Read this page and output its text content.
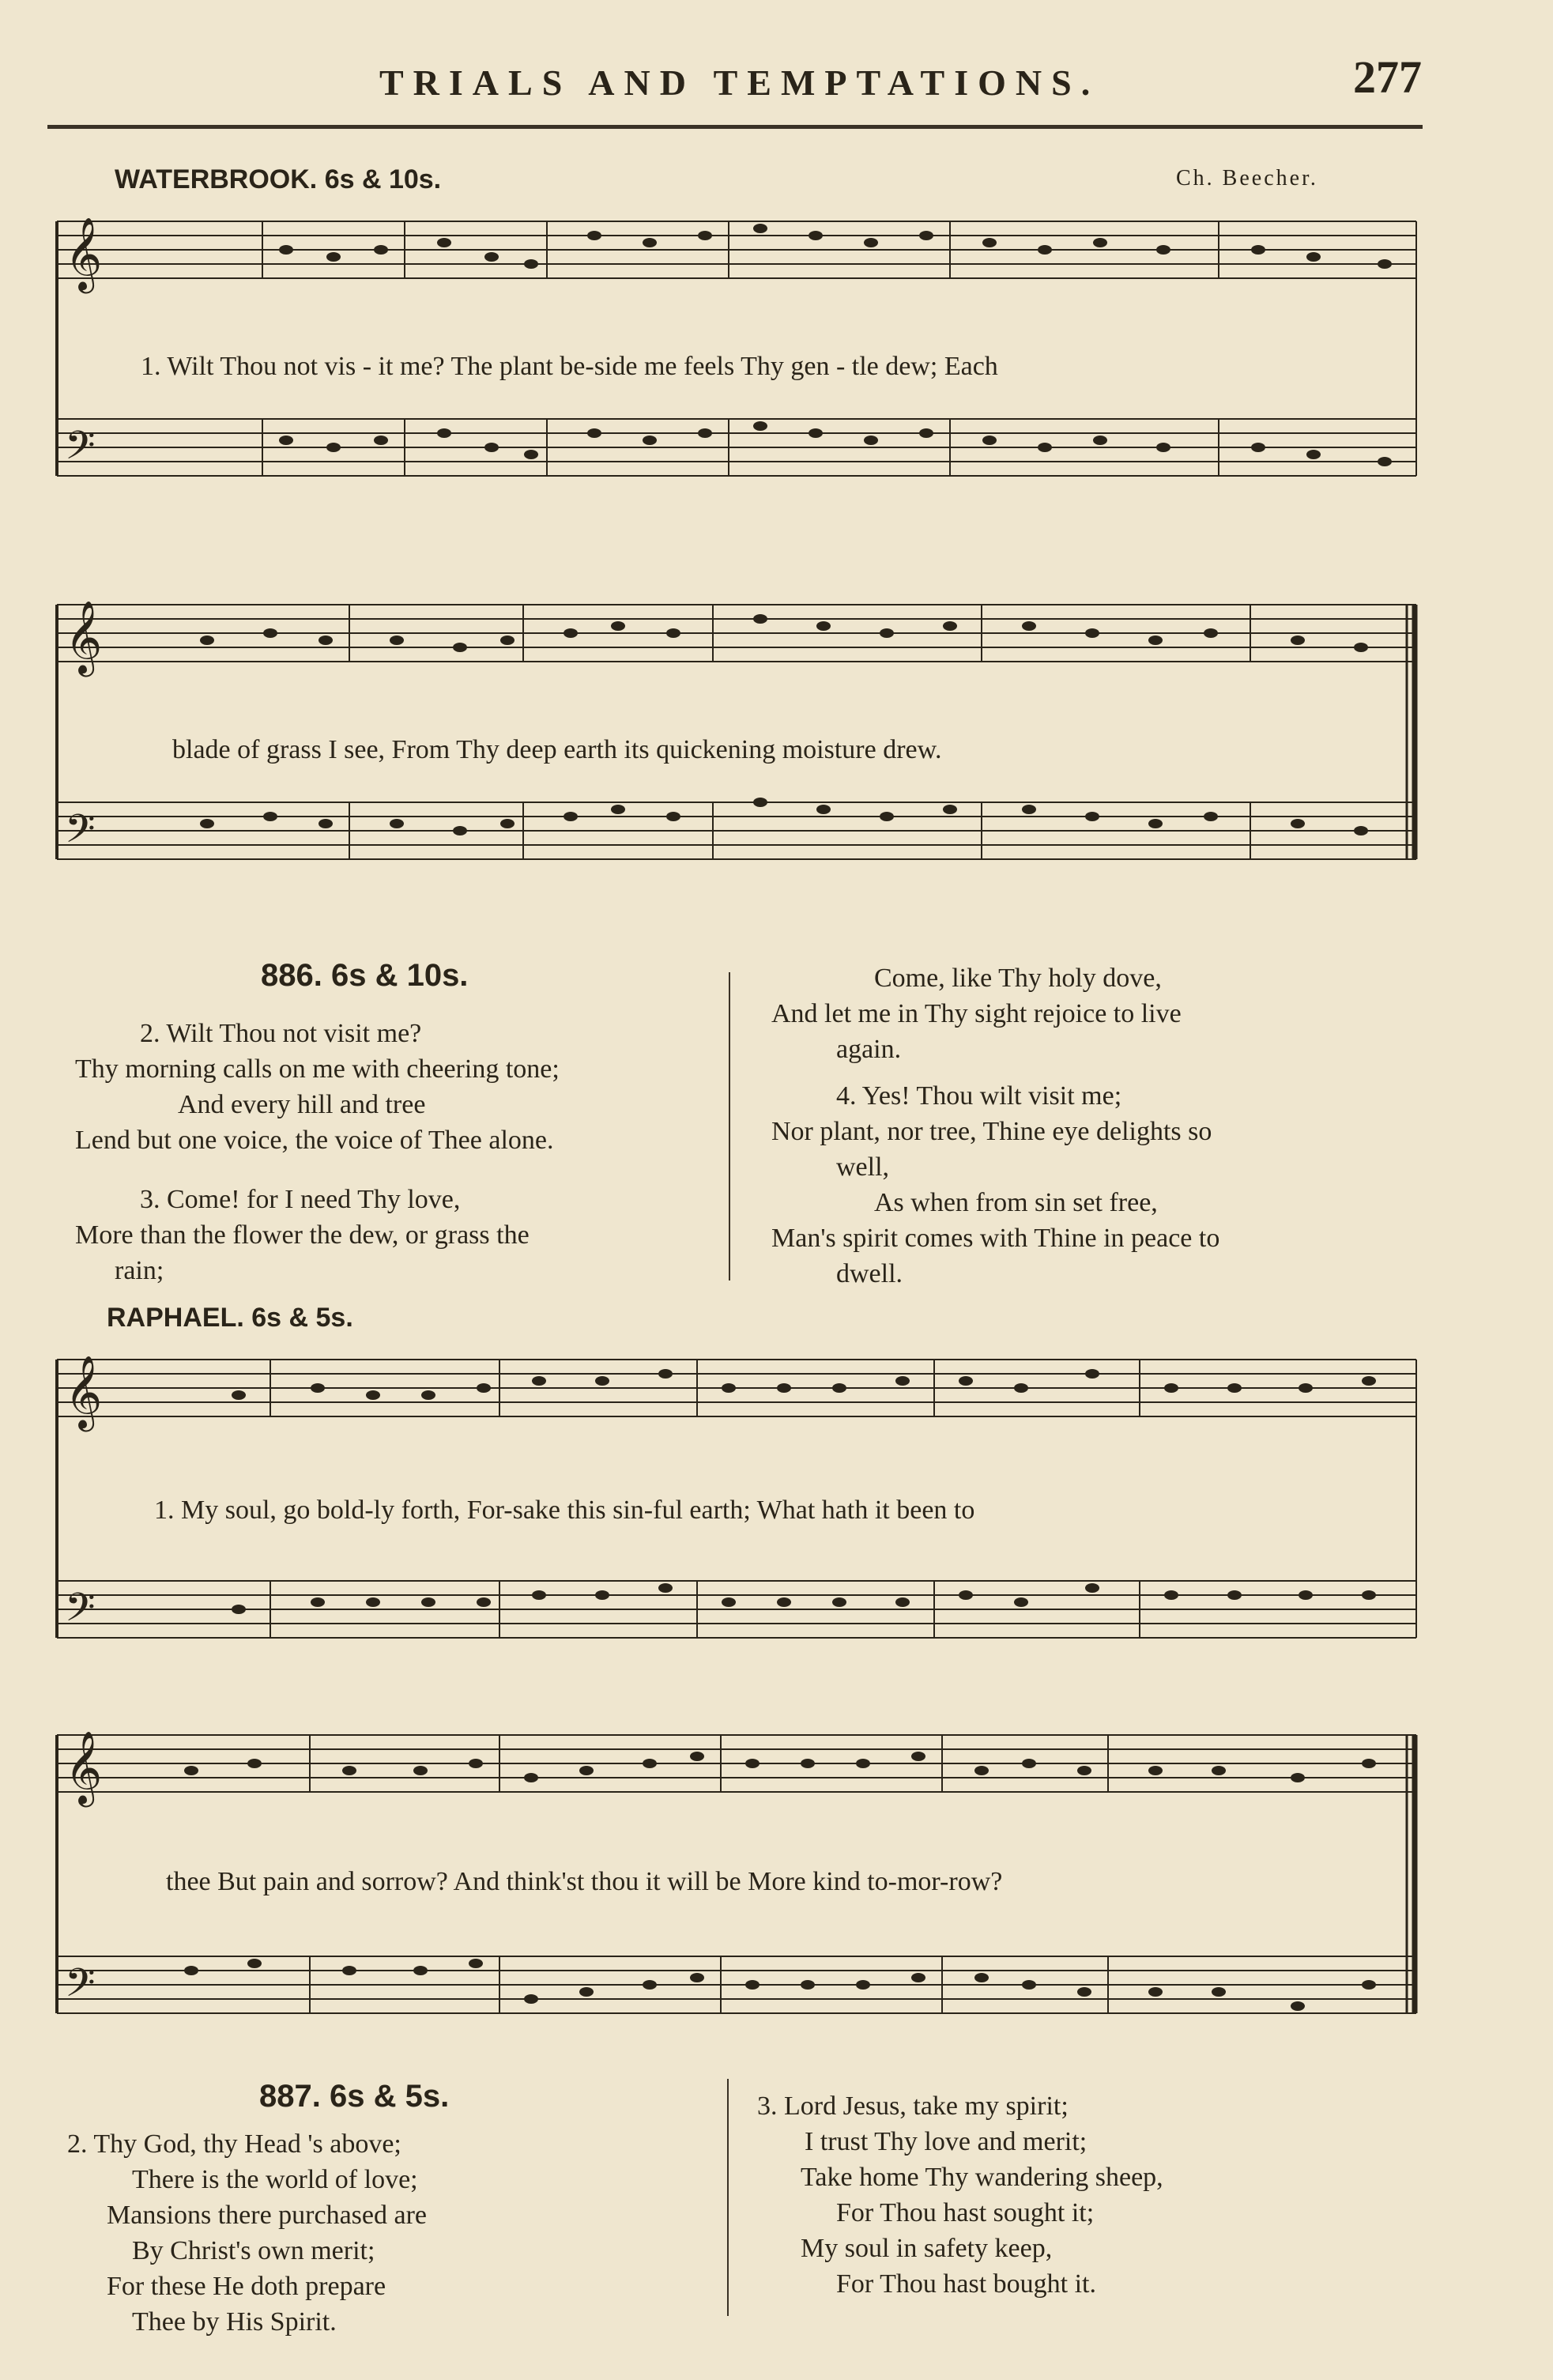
TRIALS AND TEMPTATIONS.	277
WATERBROOK. 6s & 10s.	Ch. Beecher.
𝄞
𝄢
1. Wilt Thou not vis - it me? The plant be-side me feels Thy gen - tle dew; Each
𝄞
𝄢
blade of grass I see, From Thy deep earth its quickening moisture drew.
886. 6s & 10s.
2. Wilt Thou not visit me?
Thy morning calls on me with cheering tone;
And every hill and tree
Lend but one voice, the voice of Thee alone.
3. Come! for I need Thy love,
More than the flower the dew, or grass the
rain;
Come, like Thy holy dove,
And let me in Thy sight rejoice to live
again.
4. Yes! Thou wilt visit me;
Nor plant, nor tree, Thine eye delights so
well,
As when from sin set free,
Man's spirit comes with Thine in peace to
dwell.
RAPHAEL. 6s & 5s.
𝄞
𝄢
1. My soul, go bold-ly forth, For-sake this sin-ful earth; What hath it been to
𝄞
𝄢
thee But pain and sorrow? And think'st thou it will be More kind to-mor-row?
887. 6s & 5s.
2. Thy God, thy Head 's above;
There is the world of love;
Mansions there purchased are
By Christ's own merit;
For these He doth prepare
Thee by His Spirit.
3. Lord Jesus, take my spirit;
I trust Thy love and merit;
Take home Thy wandering sheep,
For Thou hast sought it;
My soul in safety keep,
For Thou hast bought it.
